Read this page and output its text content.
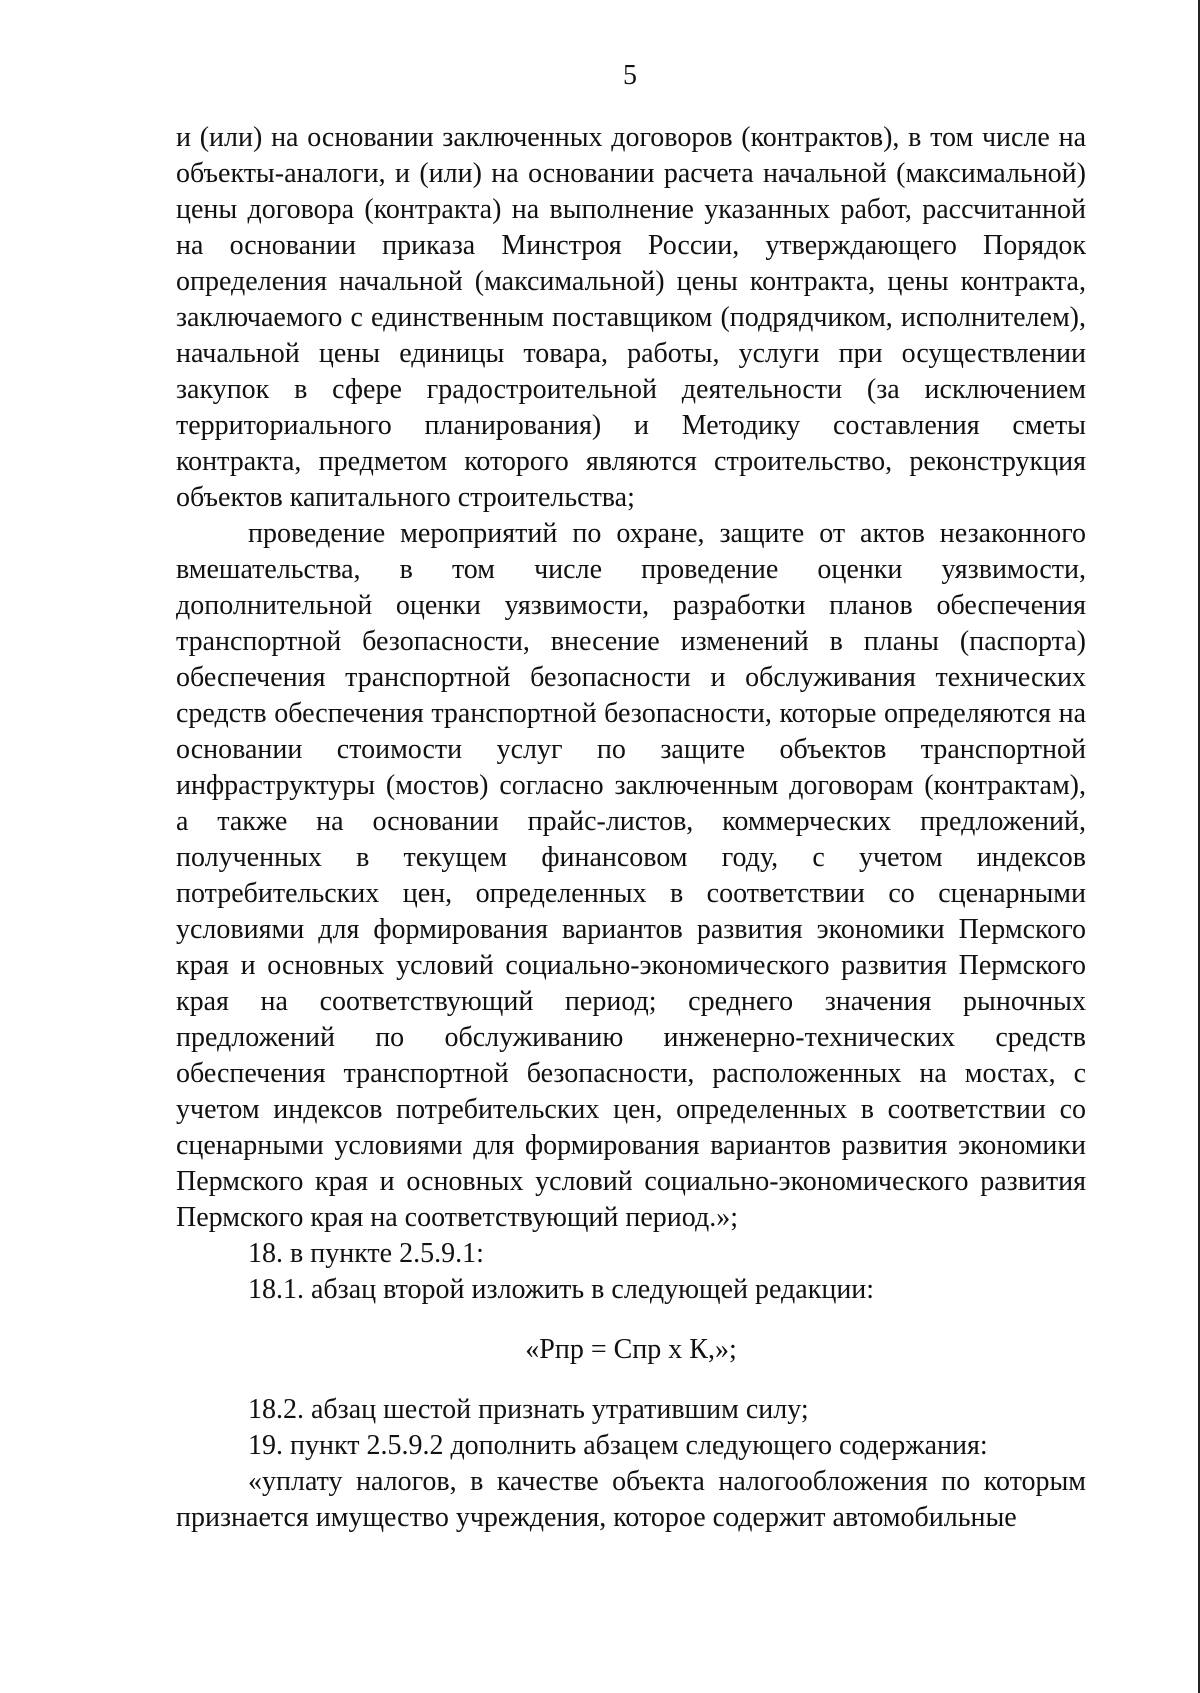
5

и (или) на основании заключенных договоров (контрактов), в том числе на объекты-аналоги, и (или) на основании расчета начальной (максимальной) цены договора (контракта) на выполнение указанных работ, рассчитанной на основании приказа Минстроя России, утверждающего Порядок определения начальной (максимальной) цены контракта, цены контракта, заключаемого с единственным поставщиком (подрядчиком, исполнителем), начальной цены единицы товара, работы, услуги при осуществлении закупок в сфере градостроительной деятельности (за исключением территориального планирования) и Методику составления сметы контракта, предметом которого являются строительство, реконструкция объектов капитального строительства;

проведение мероприятий по охране, защите от актов незаконного вмешательства, в том числе проведение оценки уязвимости, дополнительной оценки уязвимости, разработки планов обеспечения транспортной безопасности, внесение изменений в планы (паспорта) обеспечения транспортной безопасности и обслуживания технических средств обеспечения транспортной безопасности, которые определяются на основании стоимости услуг по защите объектов транспортной инфраструктуры (мостов) согласно заключенным договорам (контрактам), а также на основании прайс-листов, коммерческих предложений, полученных в текущем финансовом году, с учетом индексов потребительских цен, определенных в соответствии со сценарными условиями для формирования вариантов развития экономики Пермского края и основных условий социально-экономического развития Пермского края на соответствующий период; среднего значения рыночных предложений по обслуживанию инженерно-технических средств обеспечения транспортной безопасности, расположенных на мостах, с учетом индексов потребительских цен, определенных в соответствии со сценарными условиями для формирования вариантов развития экономики Пермского края и основных условий социально-экономического развития Пермского края на соответствующий период.»;

18. в пункте 2.5.9.1:

18.1. абзац второй изложить в следующей редакции:

«Рпр = Спр х К,»;

18.2. абзац шестой признать утратившим силу;

19. пункт 2.5.9.2 дополнить абзацем следующего содержания:

«уплату налогов, в качестве объекта налогообложения по которым признается имущество учреждения, которое содержит автомобильные
